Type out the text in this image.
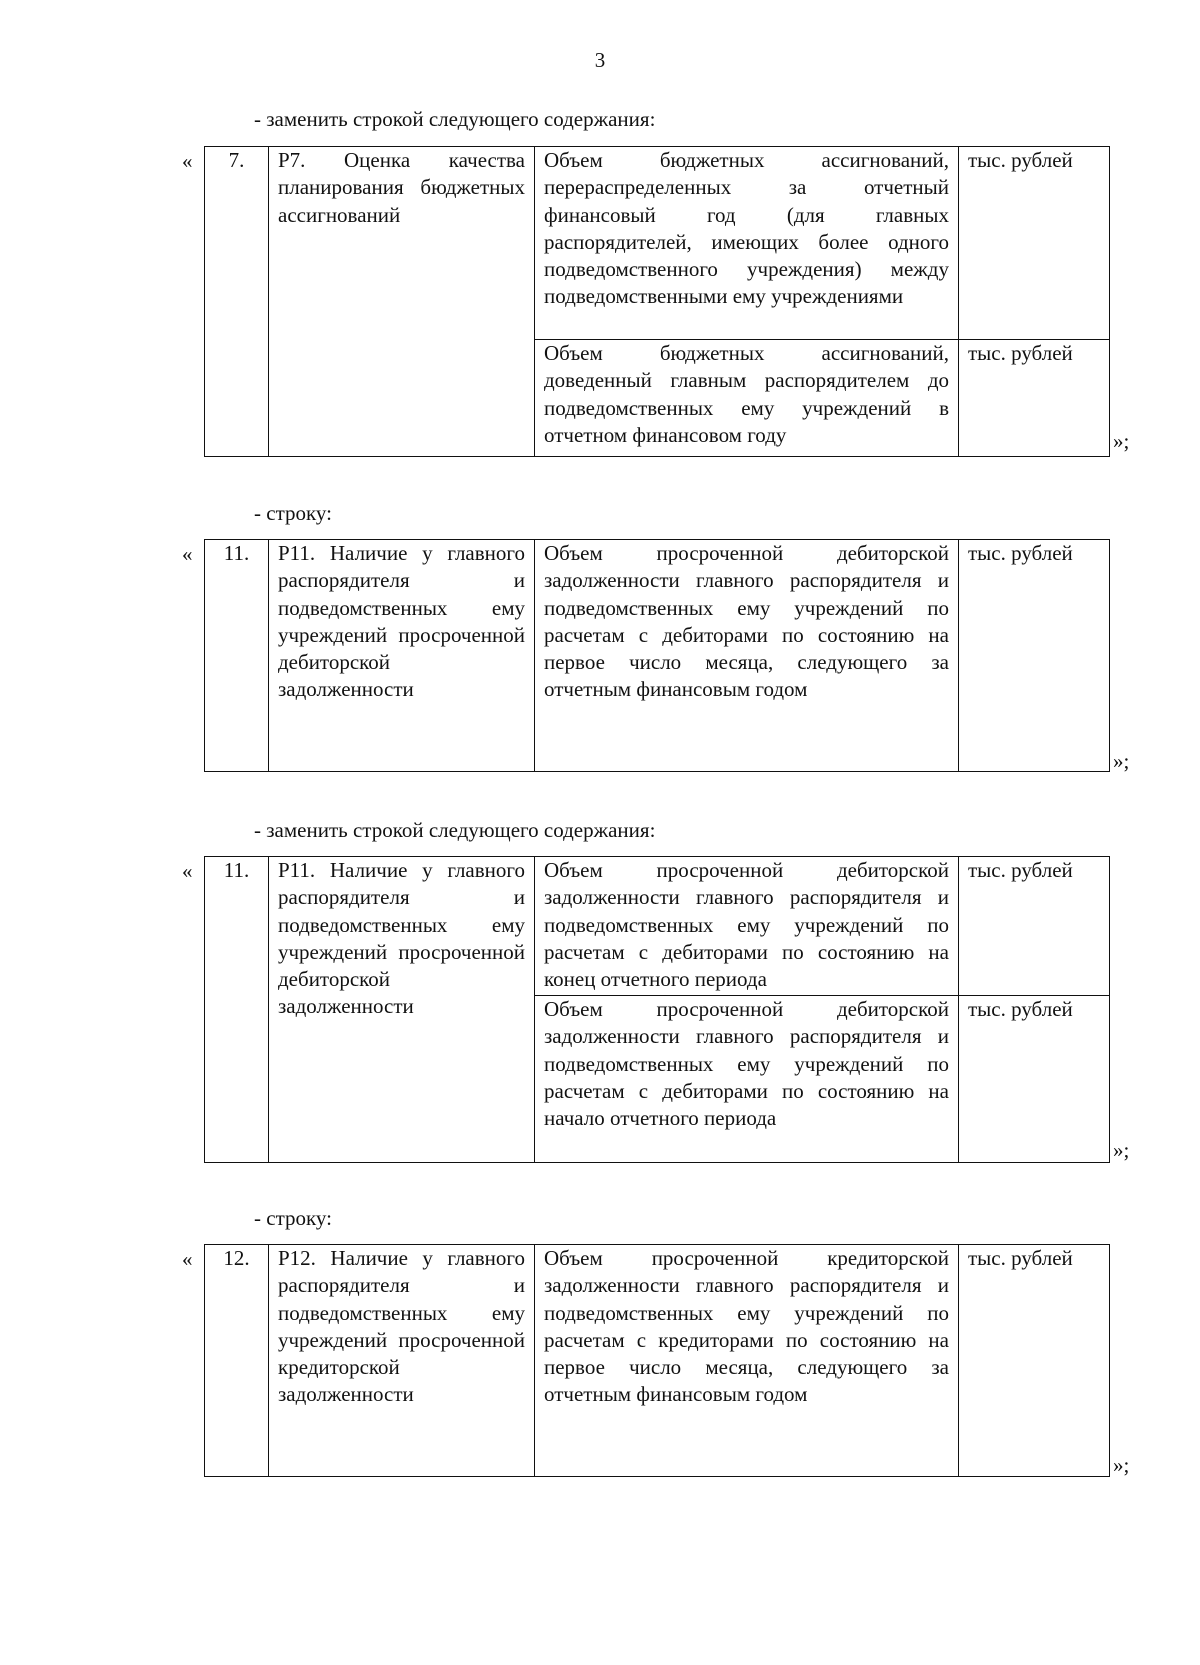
3
- заменить строкой следующего содержания:
« 7.	Р7. Оценка качества планирования бюджетных ассигнований	Объем бюджетных ассигнований, перераспределенных за отчетный финансовый год (для главных распорядителей, имеющих более одного подведомственного учреждения) между подведомственными ему учреждениями	тыс. рублей
		Объем бюджетных ассигнований, доведенный главным распорядителем до подведомственных ему учреждений в отчетном финансовом году	тыс. рублей
»;
- строку:
« 11.	Р11. Наличие у главного распорядителя и подведомственных ему учреждений просроченной дебиторской задолженности	Объем просроченной дебиторской задолженности главного распорядителя и подведомственных ему учреждений по расчетам с дебиторами по состоянию на первое число месяца, следующего за отчетным финансовым годом	тыс. рублей
»;
- заменить строкой следующего содержания:
« 11.	Р11. Наличие у главного распорядителя и подведомственных ему учреждений просроченной дебиторской задолженности	Объем просроченной дебиторской задолженности главного распорядителя и подведомственных ему учреждений по расчетам с дебиторами по состоянию на конец отчетного периода	тыс. рублей
		Объем просроченной дебиторской задолженности главного распорядителя и подведомственных ему учреждений по расчетам с дебиторами по состоянию на начало отчетного периода	тыс. рублей
»;
- строку:
« 12.	Р12. Наличие у главного распорядителя и подведомственных ему учреждений просроченной кредиторской задолженности	Объем просроченной кредиторской задолженности главного распорядителя и подведомственных ему учреждений по расчетам с кредиторами по состоянию на первое число месяца, следующего за отчетным финансовым годом	тыс. рублей
»;
